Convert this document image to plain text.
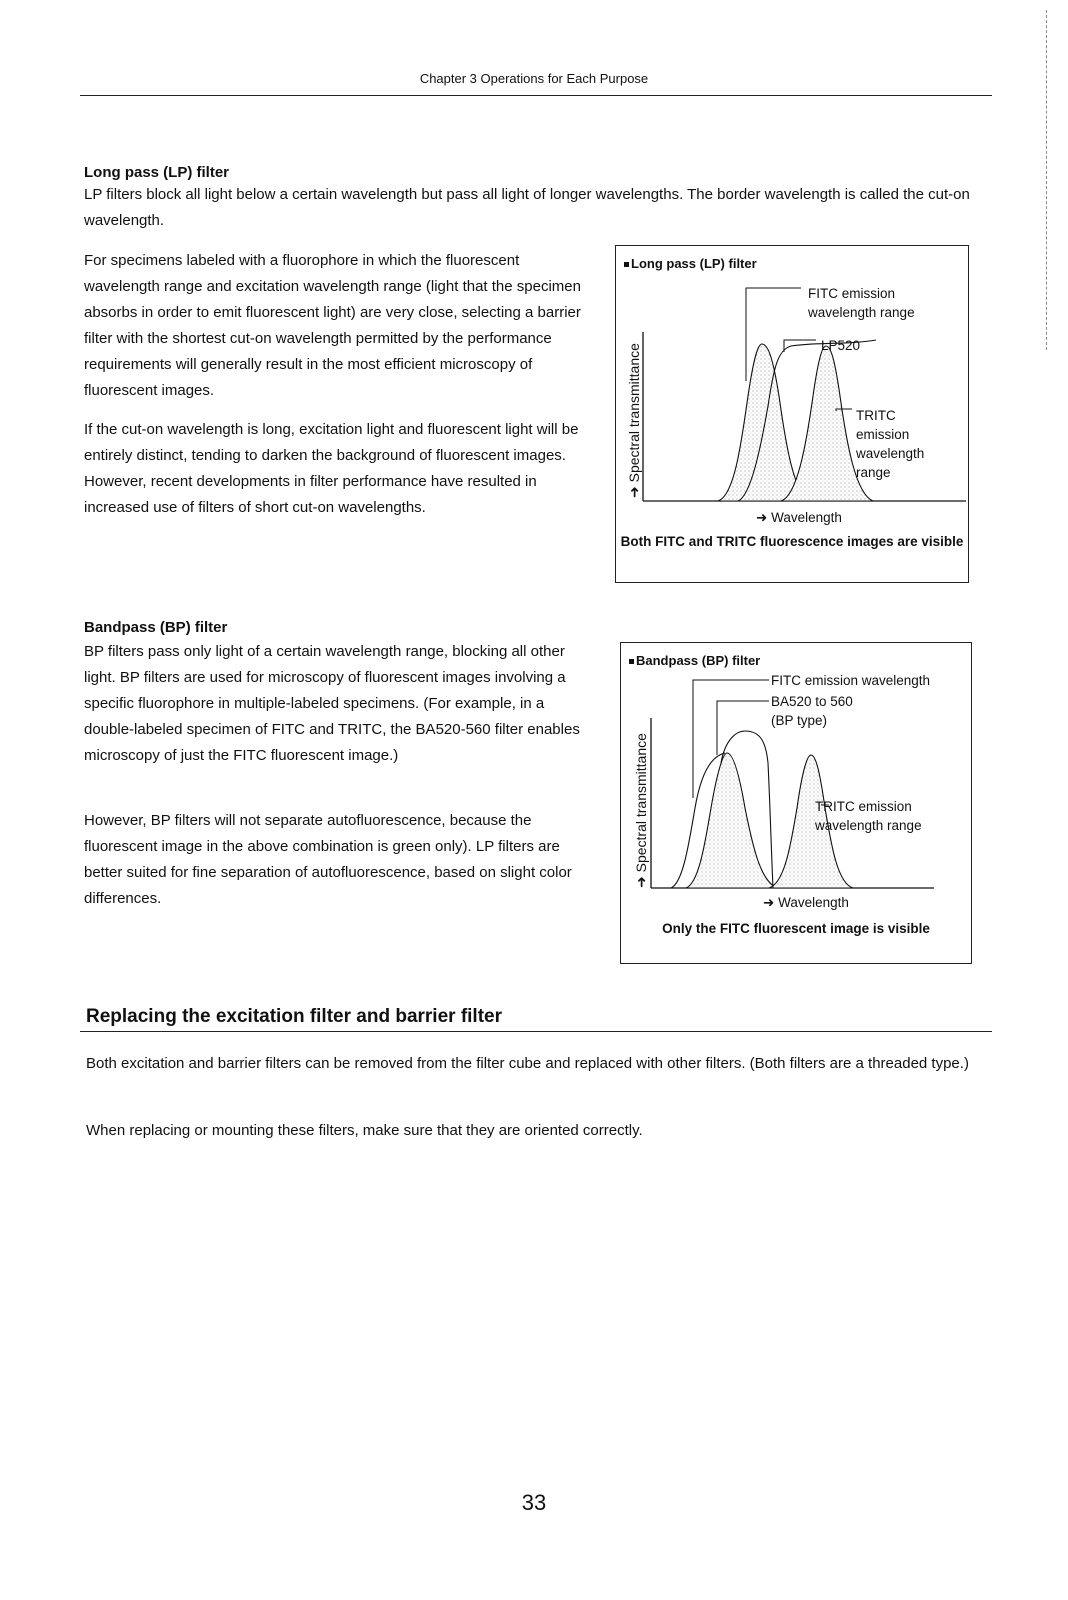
Chapter 3 Operations for Each Purpose
Long pass (LP) filter

LP filters block all light below a certain wavelength but pass all light of longer wavelengths. The border wavelength is called the cut-on wavelength.

For specimens labeled with a fluorophore in which the fluorescent wavelength range and excitation wavelength range (light that the specimen absorbs in order to emit fluorescent light) are very close, selecting a barrier filter with the shortest cut-on wavelength permitted by the performance requirements will generally result in the most efficient microscopy of fluorescent images.

If the cut-on wavelength is long, excitation light and fluorescent light will be entirely distinct, tending to darken the background of fluorescent images. However, recent developments in filter performance have resulted in increased use of filters of short cut-on wavelengths.

Long pass (LP) filter
FITC emission wavelength range
LP520
TRITC
emission
wavelength
range
➜ Spectral transmittance
➜ Wavelength
Both FITC and TRITC fluorescence images are visible
Bandpass (BP) filter

BP filters pass only light of a certain wavelength range, blocking all other light. BP filters are used for microscopy of fluorescent images involving a specific fluorophore in multiple-labeled specimens. (For example, in a double-labeled specimen of FITC and TRITC, the BA520-560 filter enables microscopy of just the FITC fluorescent image.)

However, BP filters will not separate autofluorescence, because the fluorescent image in the above combination is green only). LP filters are better suited for fine separation of autofluorescence, based on slight color differences.

Bandpass (BP) filter
FITC emission wavelength
BA520 to 560
(BP type)
TRITC emission
wavelength range
➜ Spectral transmittance
➜ Wavelength
Only the FITC fluorescent image is visible
Replacing the excitation filter and barrier filter

Both excitation and barrier filters can be removed from the filter cube and replaced with other filters. (Both filters are a threaded type.)

When replacing or mounting these filters, make sure that they are oriented correctly.

33
